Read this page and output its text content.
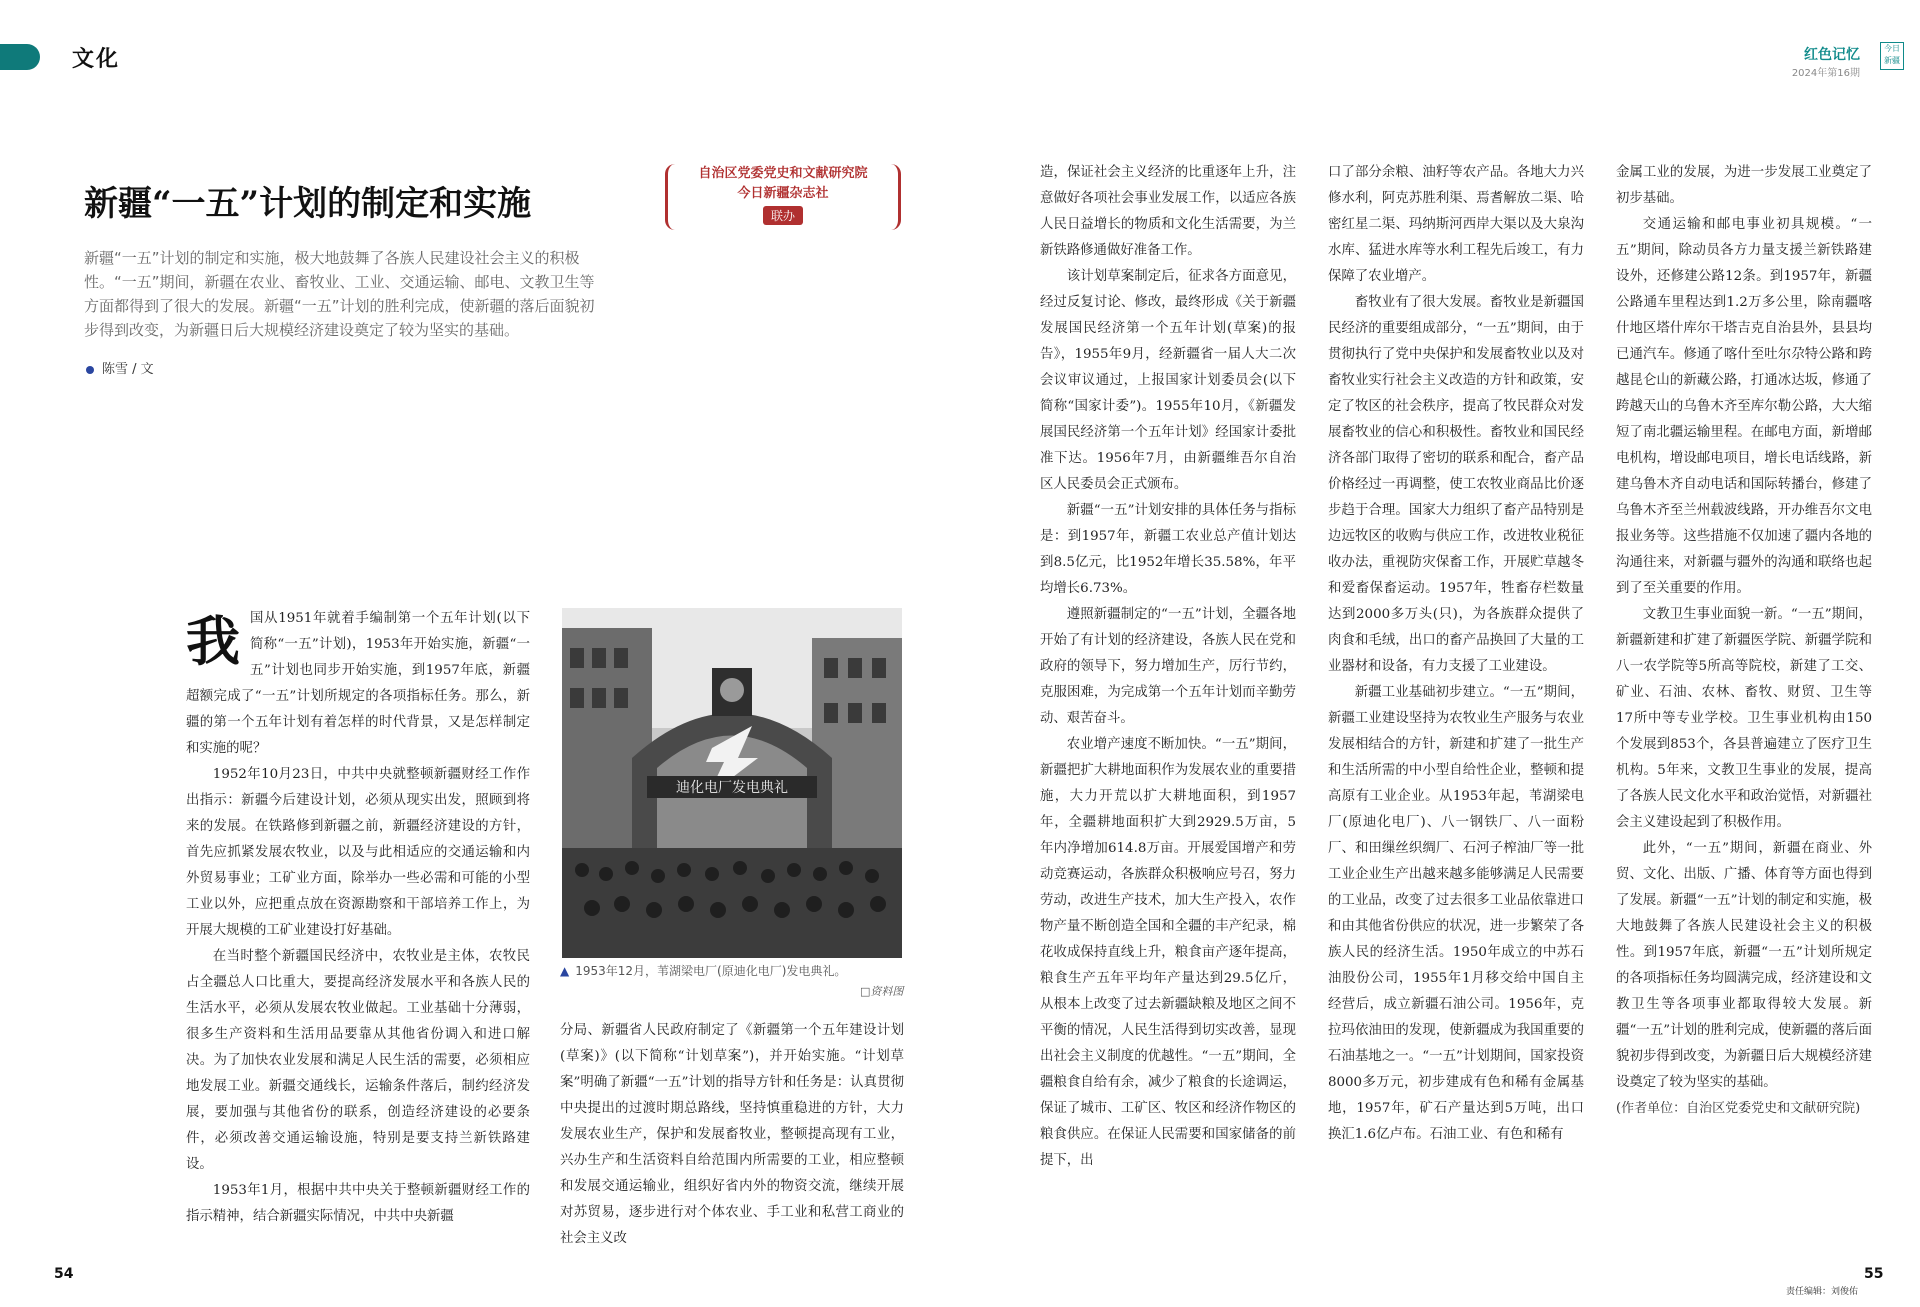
文化	红色记忆
2024年第16期
今日新疆
新疆“一五”计划的制定和实施
自治区党委党史和文献研究院
今日新疆杂志社
联办
新疆“一五”计划的制定和实施，极大地鼓舞了各族人民建设社会主义的积极性。“一五”期间，新疆在农业、畜牧业、工业、交通运输、邮电、文教卫生等方面都得到了很大的发展。新疆“一五”计划的胜利完成，使新疆的落后面貌初步得到改变，为新疆日后大规模经济建设奠定了较为坚实的基础。
陈雪 / 文
我 国从1951年就着手编制第一个五年计划(以下简称“一五”计划)，1953年开始实施，新疆“一五”计划也同步开始实施，到1957年底，新疆超额完成了“一五”计划所规定的各项指标任务。那么，新疆的第一个五年计划有着怎样的时代背景，又是怎样制定和实施的呢？

1952年10月23日，中共中央就整顿新疆财经工作作出指示：新疆今后建设计划，必须从现实出发，照顾到将来的发展。在铁路修到新疆之前，新疆经济建设的方针，首先应抓紧发展农牧业，以及与此相适应的交通运输和内外贸易事业；工矿业方面，除举办一些必需和可能的小型工业以外，应把重点放在资源勘察和干部培养工作上，为开展大规模的工矿业建设打好基础。

在当时整个新疆国民经济中，农牧业是主体，农牧民占全疆总人口比重大，要提高经济发展水平和各族人民的生活水平，必须从发展农牧业做起。工业基础十分薄弱，很多生产资料和生活用品要靠从其他省份调入和进口解决。为了加快农业发展和满足人民生活的需要，必须相应地发展工业。新疆交通线长，运输条件落后，制约经济发展，要加强与其他省份的联系，创造经济建设的必要条件，必须改善交通运输设施，特别是要支持兰新铁路建设。

1953年1月，根据中共中央关于整顿新疆财经工作的指示精神，结合新疆实际情况，中共中央新疆

迪化电厂发电典礼
▲ 1953年12月，苇湖梁电厂(原迪化电厂)发电典礼。
□资料图

分局、新疆省人民政府制定了《新疆第一个五年建设计划(草案)》(以下简称“计划草案”)，并开始实施。“计划草案”明确了新疆“一五”计划的指导方针和任务是：认真贯彻中央提出的过渡时期总路线，坚持慎重稳进的方针，大力发展农业生产，保护和发展畜牧业，整顿提高现有工业，兴办生产和生活资料自给范围内所需要的工业，相应整顿和发展交通运输业，组织好省内外的物资交流，继续开展对苏贸易，逐步进行对个体农业、手工业和私营工商业的社会主义改

造，保证社会主义经济的比重逐年上升，注意做好各项社会事业发展工作，以适应各族人民日益增长的物质和文化生活需要，为兰新铁路修通做好准备工作。

该计划草案制定后，征求各方面意见，经过反复讨论、修改，最终形成《关于新疆发展国民经济第一个五年计划(草案)的报告》，1955年9月，经新疆省一届人大二次会议审议通过，上报国家计划委员会(以下简称“国家计委”)。1955年10月，《新疆发展国民经济第一个五年计划》经国家计委批准下达。1956年7月，由新疆维吾尔自治区人民委员会正式颁布。

新疆“一五”计划安排的具体任务与指标是：到1957年，新疆工农业总产值计划达到8.5亿元，比1952年增长35.58%，年平均增长6.73%。

遵照新疆制定的“一五”计划，全疆各地开始了有计划的经济建设，各族人民在党和政府的领导下，努力增加生产，厉行节约，克服困难，为完成第一个五年计划而辛勤劳动、艰苦奋斗。

农业增产速度不断加快。“一五”期间，新疆把扩大耕地面积作为发展农业的重要措施，大力开荒以扩大耕地面积，到1957年，全疆耕地面积扩大到2929.5万亩，5年内净增加614.8万亩。开展爱国增产和劳动竞赛运动，各族群众积极响应号召，努力劳动，改进生产技术，加大生产投入，农作物产量不断创造全国和全疆的丰产纪录，棉花收成保持直线上升，粮食亩产逐年提高，粮食生产五年平均年产量达到29.5亿斤，从根本上改变了过去新疆缺粮及地区之间不平衡的情况，人民生活得到切实改善，显现出社会主义制度的优越性。“一五”期间，全疆粮食自给有余，减少了粮食的长途调运，保证了城市、工矿区、牧区和经济作物区的粮食供应。在保证人民需要和国家储备的前提下，出

口了部分余粮、油籽等农产品。各地大力兴修水利，阿克苏胜利渠、焉耆解放二渠、哈密红星二渠、玛纳斯河西岸大渠以及大泉沟水库、猛进水库等水利工程先后竣工，有力保障了农业增产。

畜牧业有了很大发展。畜牧业是新疆国民经济的重要组成部分，“一五”期间，由于贯彻执行了党中央保护和发展畜牧业以及对畜牧业实行社会主义改造的方针和政策，安定了牧区的社会秩序，提高了牧民群众对发展畜牧业的信心和积极性。畜牧业和国民经济各部门取得了密切的联系和配合，畜产品价格经过一再调整，使工农牧业商品比价逐步趋于合理。国家大力组织了畜产品特别是边远牧区的收购与供应工作，改进牧业税征收办法，重视防灾保畜工作，开展贮草越冬和爱畜保畜运动。1957年，牲畜存栏数量达到2000多万头(只)，为各族群众提供了肉食和毛绒，出口的畜产品换回了大量的工业器材和设备，有力支援了工业建设。

新疆工业基础初步建立。“一五”期间，新疆工业建设坚持为农牧业生产服务与农业发展相结合的方针，新建和扩建了一批生产和生活所需的中小型自给性企业，整顿和提高原有工业企业。从1953年起，苇湖梁电厂(原迪化电厂)、八一钢铁厂、八一面粉厂、和田缫丝织绸厂、石河子榨油厂等一批工业企业生产出越来越多能够满足人民需要的工业品，改变了过去很多工业品依靠进口和由其他省份供应的状况，进一步繁荣了各族人民的经济生活。1950年成立的中苏石油股份公司，1955年1月移交给中国自主经营后，成立新疆石油公司。1956年，克拉玛依油田的发现，使新疆成为我国重要的石油基地之一。“一五”计划期间，国家投资8000多万元，初步建成有色和稀有金属基地，1957年，矿石产量达到5万吨，出口换汇1.6亿卢布。石油工业、有色和稀有

金属工业的发展，为进一步发展工业奠定了初步基础。

交通运输和邮电事业初具规模。“一五”期间，除动员各方力量支援兰新铁路建设外，还修建公路12条。到1957年，新疆公路通车里程达到1.2万多公里，除南疆喀什地区塔什库尔干塔吉克自治县外，县县均已通汽车。修通了喀什至吐尔尕特公路和跨越昆仑山的新藏公路，打通冰达坂，修通了跨越天山的乌鲁木齐至库尔勒公路，大大缩短了南北疆运输里程。在邮电方面，新增邮电机构，增设邮电项目，增长电话线路，新建乌鲁木齐自动电话和国际转播台，修建了乌鲁木齐至兰州载波线路，开办维吾尔文电报业务等。这些措施不仅加速了疆内各地的沟通往来，对新疆与疆外的沟通和联络也起到了至关重要的作用。

文教卫生事业面貌一新。“一五”期间，新疆新建和扩建了新疆医学院、新疆学院和八一农学院等5所高等院校，新建了工交、矿业、石油、农林、畜牧、财贸、卫生等17所中等专业学校。卫生事业机构由150个发展到853个，各县普遍建立了医疗卫生机构。5年来，文教卫生事业的发展，提高了各族人民文化水平和政治觉悟，对新疆社会主义建设起到了积极作用。

此外，“一五”期间，新疆在商业、外贸、文化、出版、广播、体育等方面也得到了发展。新疆“一五”计划的制定和实施，极大地鼓舞了各族人民建设社会主义的积极性。到1957年底，新疆“一五”计划所规定的各项指标任务均圆满完成，经济建设和文教卫生等各项事业都取得较大发展。新疆“一五”计划的胜利完成，使新疆的落后面貌初步得到改变，为新疆日后大规模经济建设奠定了较为坚实的基础。

(作者单位：自治区党委党史和文献研究院)

54	55
责任编辑：刘俊佑
